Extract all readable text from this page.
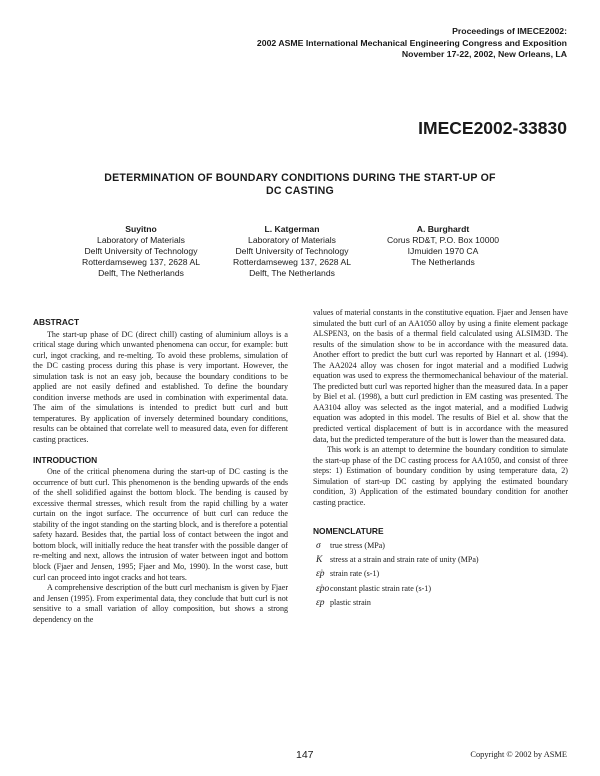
Proceedings of IMECE2002:
2002 ASME International Mechanical Engineering Congress and Exposition
November 17-22, 2002, New Orleans, LA
IMECE2002-33830
DETERMINATION OF BOUNDARY CONDITIONS DURING THE START-UP OF
DC CASTING
Suyitno
Laboratory of Materials
Delft University of Technology
Rotterdamseweg 137, 2628 AL
Delft, The Netherlands
L. Katgerman
Laboratory of Materials
Delft University of Technology
Rotterdamseweg 137, 2628 AL
Delft, The Netherlands
A. Burghardt
Corus RD&T, P.O. Box 10000
IJmuiden 1970 CA
The Netherlands
ABSTRACT

The start-up phase of DC (direct chill) casting of aluminium alloys is a critical stage during which unwanted phenomena can occur, for example: butt curl, ingot cracking, and re-melting. To avoid these problems, simulation of the DC casting process during this phase is very important. However, the simulation task is not an easy job, because the boundary conditions to be applied are not easily defined and established. To define the boundary condition inverse methods are used in combination with experimental data. The aim of the simulations is intended to predict butt curl and butt temperatures. By application of inversely determined boundary conditions, results can be obtained that correlate well to measured data, even for different casting practices.

INTRODUCTION

One of the critical phenomena during the start-up of DC casting is the occurrence of butt curl. This phenomenon is the bending upwards of the ends of the shell solidified against the bottom block. The bending is caused by excessive thermal stresses, which result from the rapid chilling by a water curtain on the ingot surface. The occurrence of butt curl can reduce the stability of the ingot standing on the starting block, and is therefore a potential safety hazard. Besides that, the partial loss of contact between the ingot and bottom block, will initially reduce the heat transfer with the possible danger of re-melting and next, allows the intrusion of water between ingot and bottom block (Fjaer and Jensen, 1995; Fjaer and Mo, 1990). In the worst case, butt curl can proceed into ingot cracks and hot tears.

A comprehensive description of the butt curl mechanism is given by Fjaer and Jensen (1995). From experimental data, they conclude that butt curl is not sensitive to a small variation of alloy composition, but shows a strong dependency on the

values of material constants in the constitutive equation. Fjaer and Jensen have simulated the butt curl of an AA1050 alloy by using a finite element package ALSPEN3, on the basis of a thermal field calculated using ALSIM3D. The results of the simulation show to be in accordance with the measured data. Another effort to predict the butt curl was reported by Hannart et al. (1994). The AA2024 alloy was chosen for ingot material and a modified Ludwig equation was used to express the thermomechanical behaviour of the material. The predicted butt curl was reported higher than the measured data. In a paper by Biel et al. (1998), a butt curl prediction in EM casting was presented. The AA3104 alloy was selected as the ingot material, and a modified Ludwig equation was adopted in this model. The results of Biel et al. show that the predicted vertical displacement of butt is in accordance with the measured data, but the predicted temperature of the butt is lower than the measured data.

This work is an attempt to determine the boundary condition to simulate the start-up phase of the DC casting process for AA1050, and consist of three steps: 1) Estimation of boundary condition by using temperature data, 2) Simulation of start-up DC casting by applying the estimated boundary condition, 3) Application of the estimated boundary condition for another casting practice.

NOMENCLATURE
σ	true stress (MPa)
K stress at a strain and strain rate of unity (MPa)
ε̇p strain rate (s-1)
ε̇po constant plastic strain rate (s-1)
εp plastic strain
147	Copyright © 2002 by ASME
